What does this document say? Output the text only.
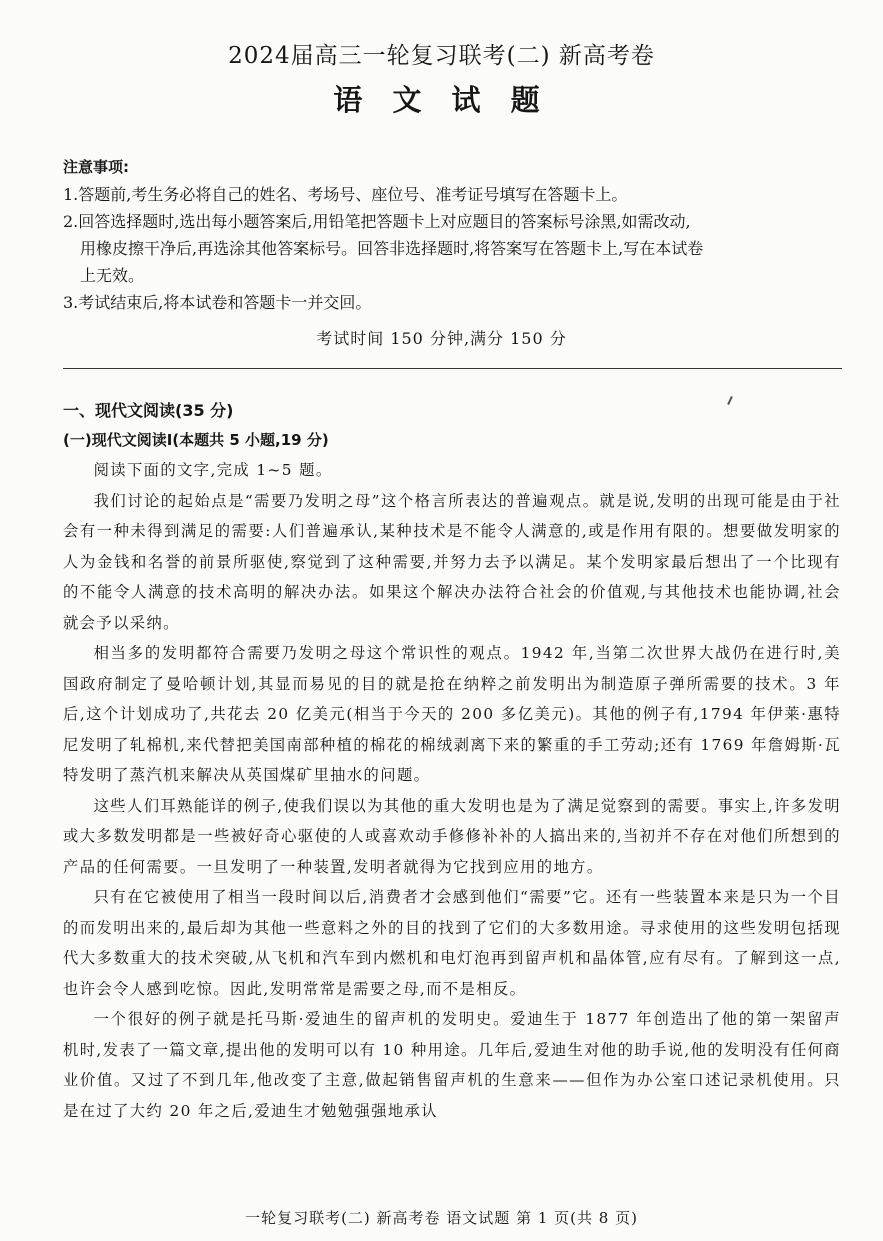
2024届高三一轮复习联考(二) 新高考卷
语 文 试 题
注意事项:
1.答题前,考生务必将自己的姓名、考场号、座位号、准考证号填写在答题卡上。
2.回答选择题时,选出每小题答案后,用铅笔把答题卡上对应题目的答案标号涂黑,如需改动,
用橡皮擦干净后,再选涂其他答案标号。回答非选择题时,将答案写在答题卡上,写在本试卷
上无效。
3.考试结束后,将本试卷和答题卡一并交回。
考试时间 150 分钟,满分 150 分
一、现代文阅读(35 分)
(一)现代文阅读Ⅰ(本题共 5 小题,19 分)

阅读下面的文字,完成 1~5 题。

我们讨论的起始点是“需要乃发明之母”这个格言所表达的普遍观点。就是说,发明的出现可能是由于社会有一种未得到满足的需要:人们普遍承认,某种技术是不能令人满意的,或是作用有限的。想要做发明家的人为金钱和名誉的前景所驱使,察觉到了这种需要,并努力去予以满足。某个发明家最后想出了一个比现有的不能令人满意的技术高明的解决办法。如果这个解决办法符合社会的价值观,与其他技术也能协调,社会就会予以采纳。

相当多的发明都符合需要乃发明之母这个常识性的观点。1942 年,当第二次世界大战仍在进行时,美国政府制定了曼哈顿计划,其显而易见的目的就是抢在纳粹之前发明出为制造原子弹所需要的技术。3 年后,这个计划成功了,共花去 20 亿美元(相当于今天的 200 多亿美元)。其他的例子有,1794 年伊莱·惠特尼发明了轧棉机,来代替把美国南部种植的棉花的棉绒剥离下来的繁重的手工劳动;还有 1769 年詹姆斯·瓦特发明了蒸汽机来解决从英国煤矿里抽水的问题。

这些人们耳熟能详的例子,使我们误以为其他的重大发明也是为了满足觉察到的需要。事实上,许多发明或大多数发明都是一些被好奇心驱使的人或喜欢动手修修补补的人搞出来的,当初并不存在对他们所想到的产品的任何需要。一旦发明了一种装置,发明者就得为它找到应用的地方。

只有在它被使用了相当一段时间以后,消费者才会感到他们“需要”它。还有一些装置本来是只为一个目的而发明出来的,最后却为其他一些意料之外的目的找到了它们的大多数用途。寻求使用的这些发明包括现代大多数重大的技术突破,从飞机和汽车到内燃机和电灯泡再到留声机和晶体管,应有尽有。了解到这一点,也许会令人感到吃惊。因此,发明常常是需要之母,而不是相反。

一个很好的例子就是托马斯·爱迪生的留声机的发明史。爱迪生于 1877 年创造出了他的第一架留声机时,发表了一篇文章,提出他的发明可以有 10 种用途。几年后,爱迪生对他的助手说,他的发明没有任何商业价值。又过了不到几年,他改变了主意,做起销售留声机的生意来——但作为办公室口述记录机使用。只是在过了大约 20 年之后,爱迪生才勉勉强强地承认

一轮复习联考(二) 新高考卷 语文试题 第 1 页(共 8 页)
